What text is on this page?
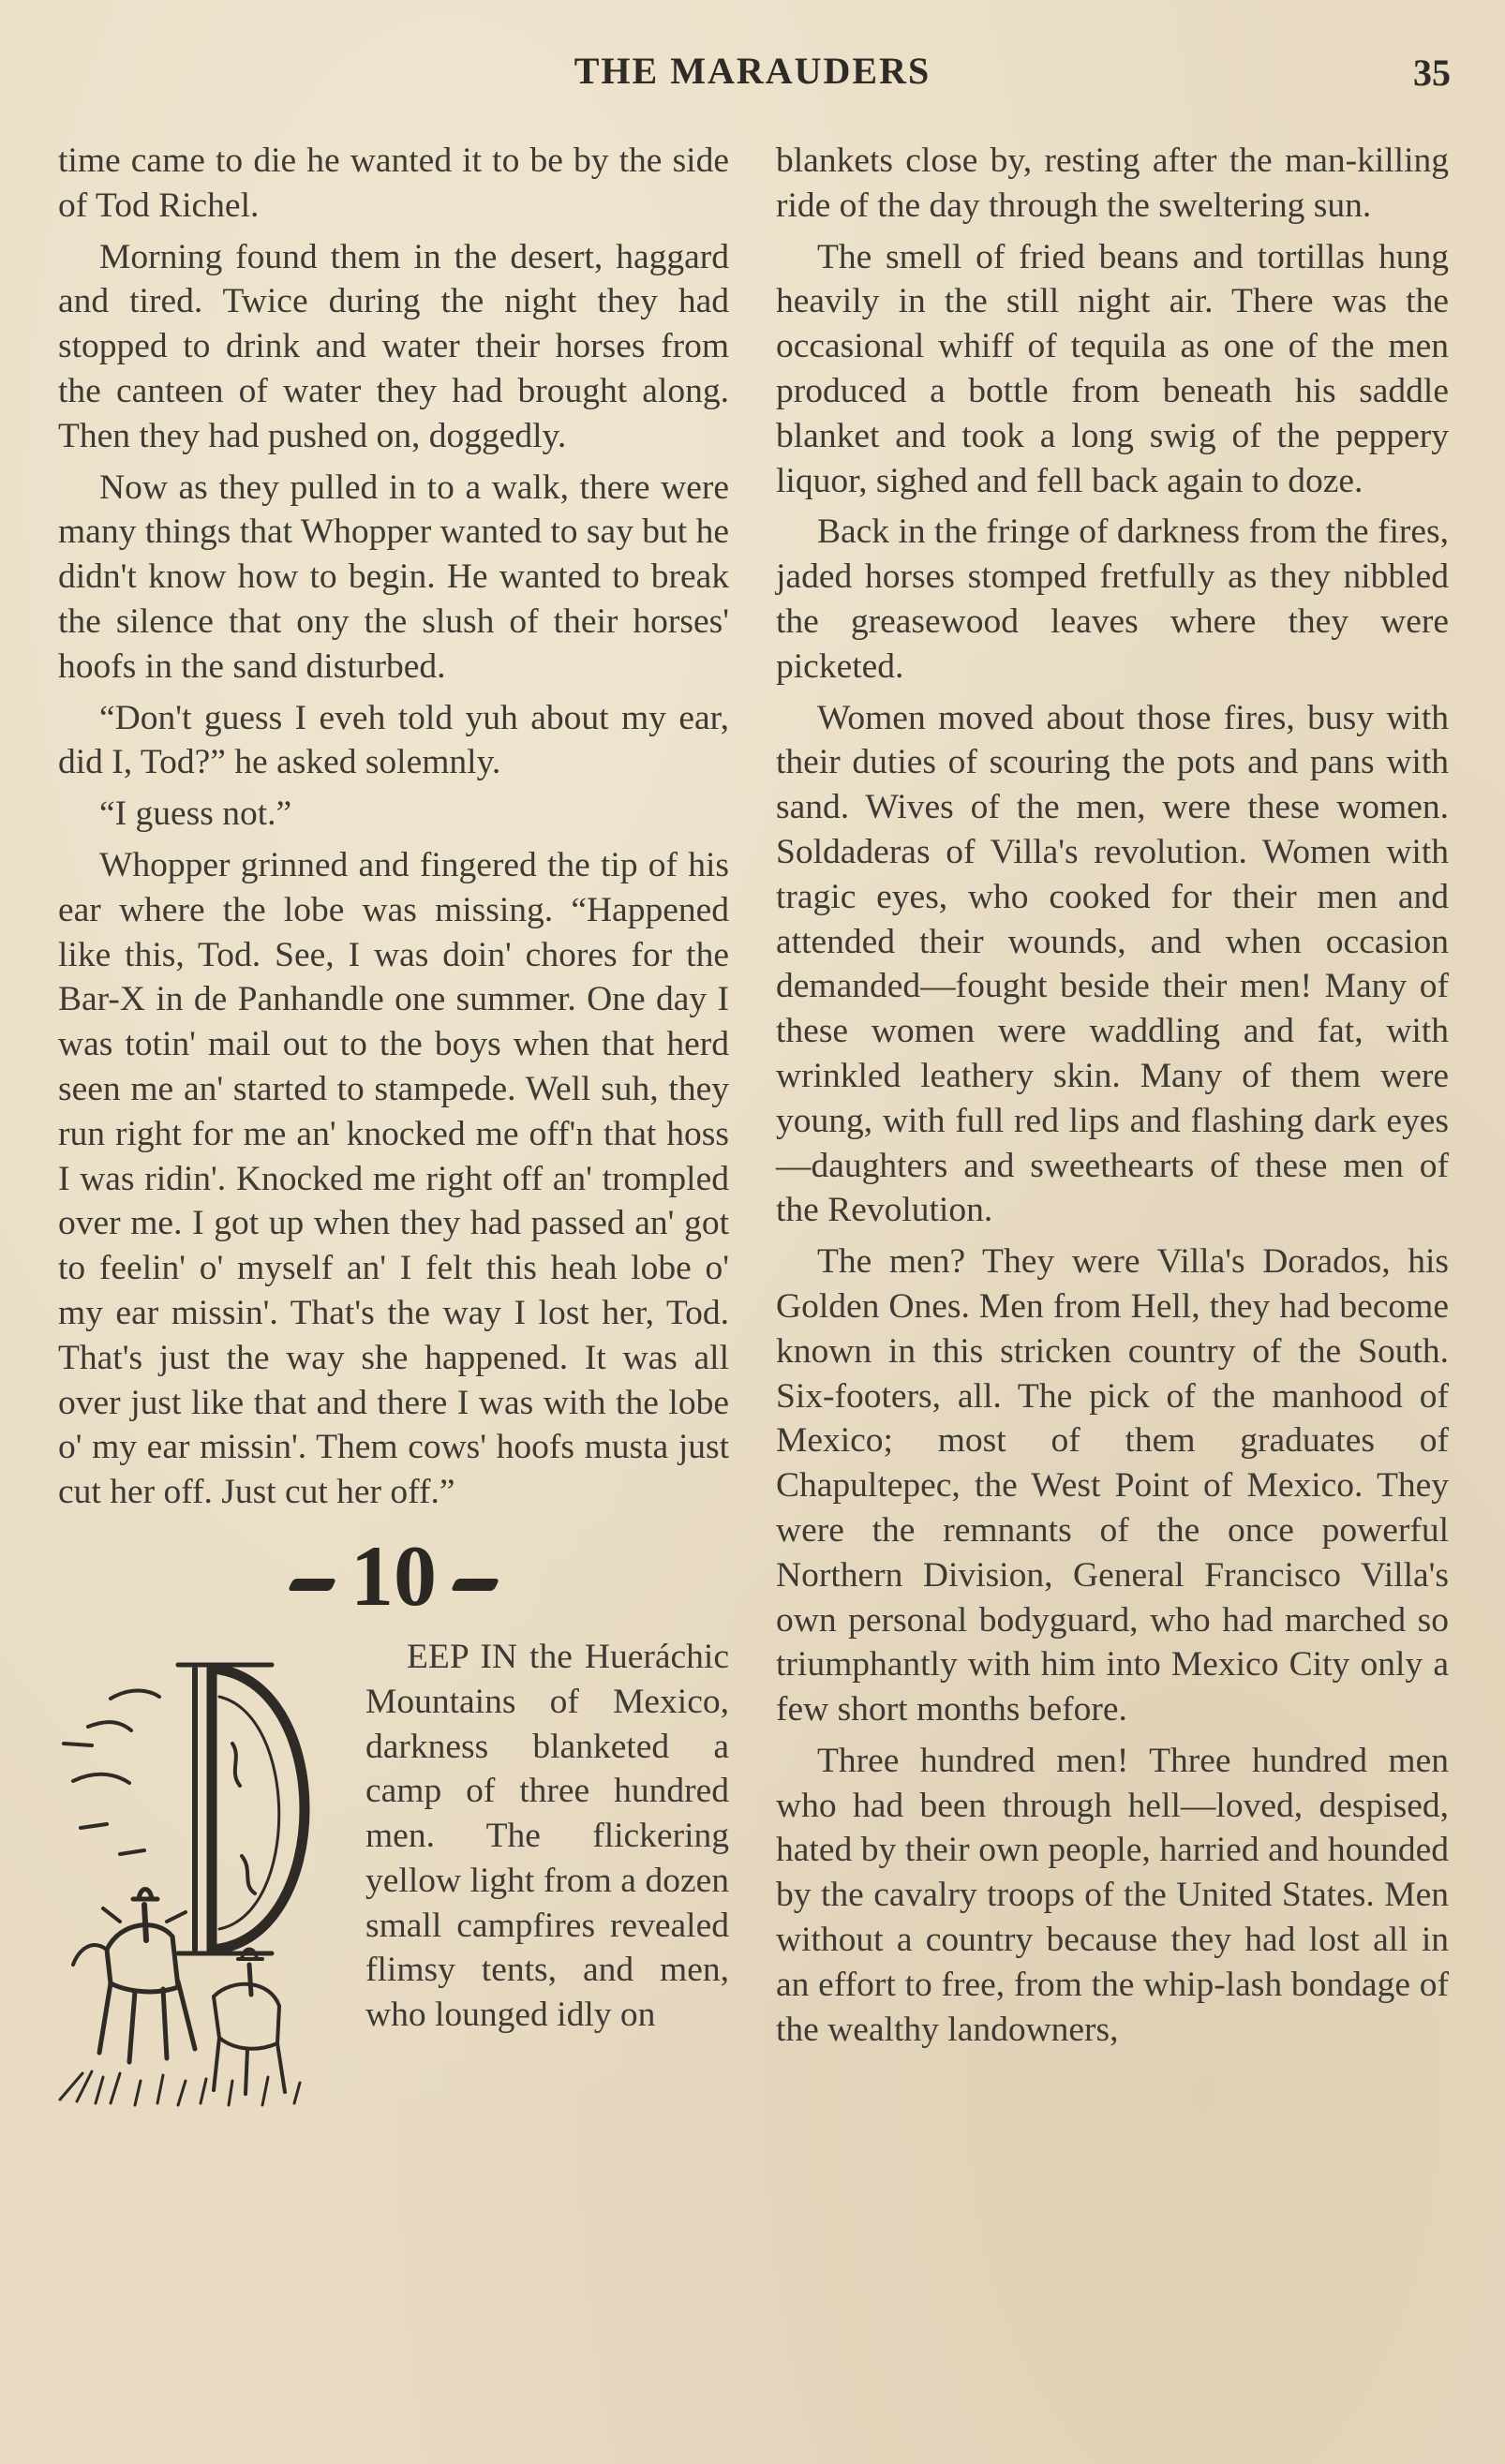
THE MARAUDERS	35

time came to die he wanted it to be by the side of Tod Richel.

Morning found them in the desert, haggard and tired. Twice during the night they had stopped to drink and water their horses from the canteen of water they had brought along. Then they had pushed on, doggedly.

Now as they pulled in to a walk, there were many things that Whopper wanted to say but he didn't know how to begin. He wanted to break the silence that ony the slush of their horses' hoofs in the sand disturbed.

“Don't guess I eveh told yuh about my ear, did I, Tod?” he asked solemnly.

“I guess not.”

Whopper grinned and fingered the tip of his ear where the lobe was missing. “Happened like this, Tod. See, I was doin' chores for the Bar-X in de Panhandle one summer. One day I was totin' mail out to the boys when that herd seen me an' started to stampede. Well suh, they run right for me an' knocked me off'n that hoss I was ridin'. Knocked me right off an' trompled over me. I got up when they had passed an' got to feelin' o' myself an' I felt this heah lobe o' my ear missin'. That's the way I lost her, Tod. That's just the way she happened. It was all over just like that and there I was with the lobe o' my ear missin'. Them cows' hoofs musta just cut her off. Just cut her off.”

10

EEP IN the Hueráchic Mountains of Mexico, darkness blanketed a camp of three hundred men. The flickering yellow light from a dozen small campfires revealed flimsy tents, and men, who lounged idly on

blankets close by, resting after the man-killing ride of the day through the sweltering sun.

The smell of fried beans and tortillas hung heavily in the still night air. There was the occasional whiff of tequila as one of the men produced a bottle from beneath his saddle blanket and took a long swig of the peppery liquor, sighed and fell back again to doze.

Back in the fringe of darkness from the fires, jaded horses stomped fretfully as they nibbled the greasewood leaves where they were picketed.

Women moved about those fires, busy with their duties of scouring the pots and pans with sand. Wives of the men, were these women. Soldaderas of Villa's revolution. Women with tragic eyes, who cooked for their men and attended their wounds, and when occasion demanded—fought beside their men! Many of these women were waddling and fat, with wrinkled leathery skin. Many of them were young, with full red lips and flashing dark eyes—daughters and sweethearts of these men of the Revolution.

The men? They were Villa's Dorados, his Golden Ones. Men from Hell, they had become known in this stricken country of the South. Six-footers, all. The pick of the manhood of Mexico; most of them graduates of Chapultepec, the West Point of Mexico. They were the remnants of the once powerful Northern Division, General Francisco Villa's own personal bodyguard, who had marched so triumphantly with him into Mexico City only a few short months before.

Three hundred men! Three hundred men who had been through hell—loved, despised, hated by their own people, harried and hounded by the cavalry troops of the United States. Men without a country because they had lost all in an effort to free, from the whip-lash bondage of the wealthy landowners,
